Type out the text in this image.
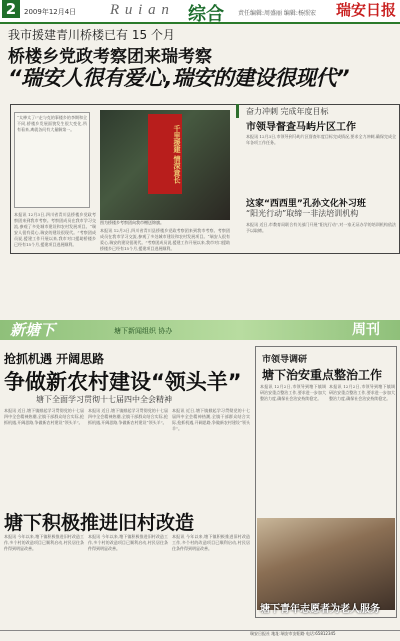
2	2009年12月4日 R u i a n 综合 责任编辑:周盛丽 编辑:杨照宏 瑞安日报
我市援建青川桥楼已有 15 个月
桥楼乡党政考察团来瑞考察
“瑞安人很有爱心,瑞安的建设很现代”
“太棒太了!”走与克的事楼乡的李期和全不同,桥楼乡发展面貌发生很大变化,所有看来,离就各问有大量解第一。
本报讯 12月3日,四川省青川县桥楼乡党政考察团来到我市考察。考察团成员在我市学习交流,参观了多处城市建设和农村发展项目。“瑞安人很有爱心,瑞安的建设很现代。”考察团成员说,援建工作开展以来,我市对口援助桥楼乡已经有15个月,援建项目进展顺利。
千里援建 情深意长
图为桥楼乡考察团向我市赠送锦旗。
本报讯 12月3日,四川省青川县桥楼乡党政考察团来到我市考察。考察团成员在我市学习交流,参观了多处城市建设和农村发展项目。“瑞安人很有爱心,瑞安的建设很现代。”考察团成员说,援建工作开展以来,我市对口援助桥楼乡已经有15个月,援建项目进展顺利。
奋力冲刺 完成年度目标
市领导督查马屿片区工作
本报讯 12月3日,市领导到马屿片区督查年度目标完成情况,要求全力冲刺,确保完成全年各项工作任务。
这家“西西里”孔孙文化补习班
“阳光行动”取缔一非法培训机构
本报讯 近日,市教育局联合有关部门开展“阳光行动”,对一家无证办学的培训机构依法予以取缔。
新塘下	塘下新闻组织 协办	周刊
抢抓机遇 开阔思路
争做新农村建设“领头羊”
塘下全面学习贯彻十七届四中全会精神
本报讯 近日,塘下镇掀起学习贯彻党的十七届四中全会精神热潮,全镇干部群众结合实际,抢抓机遇,开阔思路,争做新农村建设“领头羊”。
本报讯 近日,塘下镇掀起学习贯彻党的十七届四中全会精神热潮,全镇干部群众结合实际,抢抓机遇,开阔思路,争做新农村建设“领头羊”。
本报讯 近日,塘下镇掀起学习贯彻党的十七届四中全会精神热潮,全镇干部群众结合实际,抢抓机遇,开阔思路,争做新农村建设“领头羊”。
塘下积极推进旧村改造
本报讯 今年以来,塘下镇积极推进旧村改造工作,多个村的改造项目已顺利启动,村民居住条件得到明显改善。
本报讯 今年以来,塘下镇积极推进旧村改造工作,多个村的改造项目已顺利启动,村民居住条件得到明显改善。
本报讯 今年以来,塘下镇积极推进旧村改造工作,多个村的改造项目已顺利启动,村民居住条件得到明显改善。
市领导调研
塘下治安重点整治工作
本报讯 12月2日,市领导到塘下镇调研治安重点整治工作,要求进一步加大整治力度,确保社会治安持续稳定。
本报讯 12月2日,市领导到塘下镇调研治安重点整治工作,要求进一步加大整治力度,确保社会治安持续稳定。
塘下青年志愿者为老人服务
瑞安日报社 地址:瑞安市安阳路 电话:65812345
